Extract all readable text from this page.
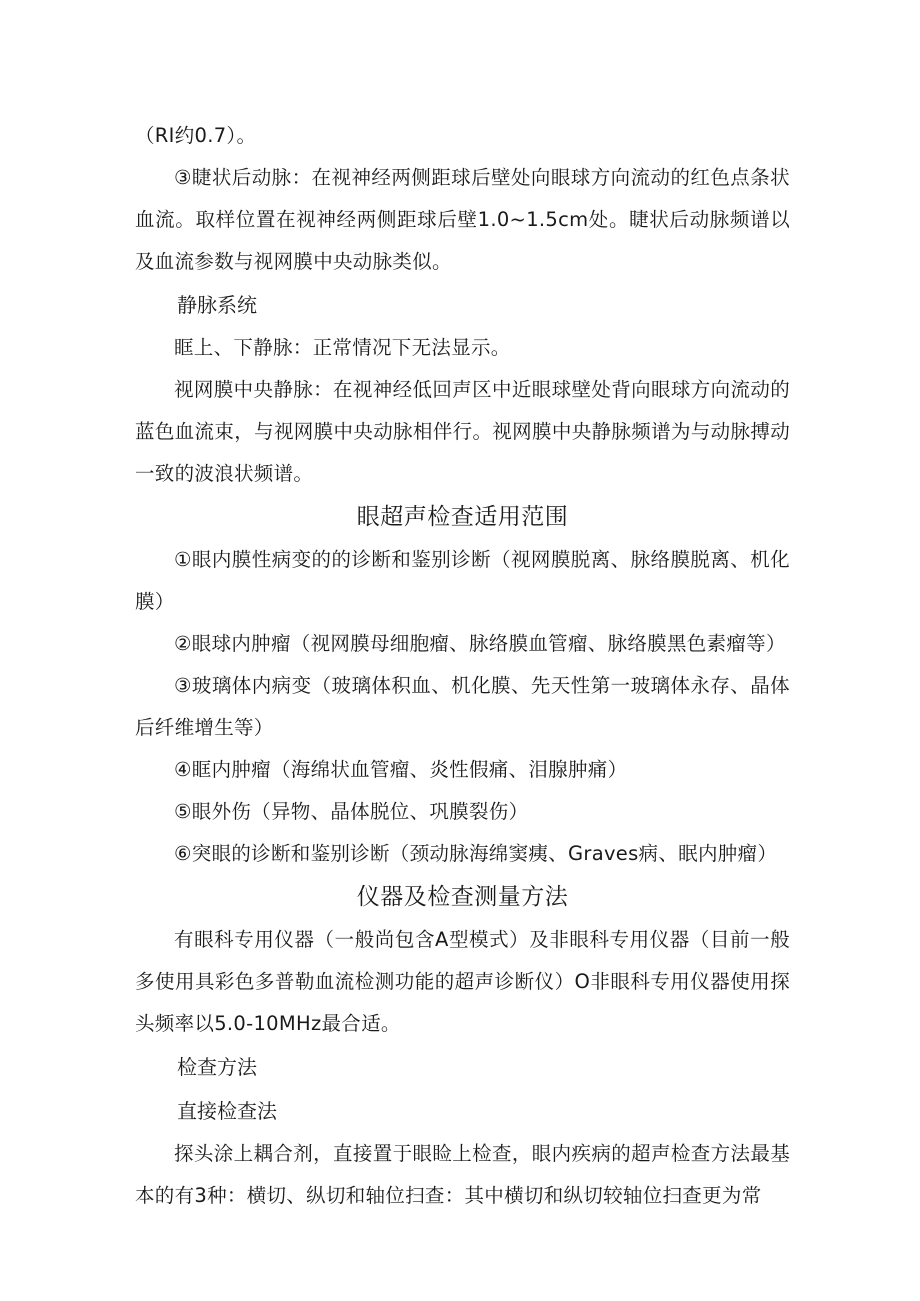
（RI约0.7）。

③睫状后动脉：在视神经两侧距球后壁处向眼球方向流动的红色点条状血流。取样位置在视神经两侧距球后壁1.0~1.5cm处。睫状后动脉频谱以及血流参数与视网膜中央动脉类似。

静脉系统

眶上、下静脉：正常情况下无法显示。

视网膜中央静脉：在视神经低回声区中近眼球壁处背向眼球方向流动的蓝色血流束，与视网膜中央动脉相伴行。视网膜中央静脉频谱为与动脉搏动一致的波浪状频谱。

眼超声检查适用范围

①眼内膜性病变的的诊断和鉴别诊断（视网膜脱离、脉络膜脱离、机化膜）

②眼球内肿瘤（视网膜母细胞瘤、脉络膜血管瘤、脉络膜黑色素瘤等）

③玻璃体内病变（玻璃体积血、机化膜、先天性第一玻璃体永存、晶体后纤维增生等）

④眶内肿瘤（海绵状血管瘤、炎性假痛、泪腺肿痛）

⑤眼外伤（异物、晶体脱位、巩膜裂伤）

⑥突眼的诊断和鉴别诊断（颈动脉海绵窦痍、Graves病、眠内肿瘤）

仪器及检查测量方法

有眼科专用仪器（一般尚包含A型模式）及非眼科专用仪器（目前一般多使用具彩色多普勒血流检测功能的超声诊断仪）O非眼科专用仪器使用探头频率以5.0-10MHz最合适。

检查方法
直接检查法

探头涂上耦合剂，直接置于眼睑上检查，眼内疾病的超声检查方法最基本的有3种：横切、纵切和轴位扫查：其中横切和纵切较轴位扫查更为常
